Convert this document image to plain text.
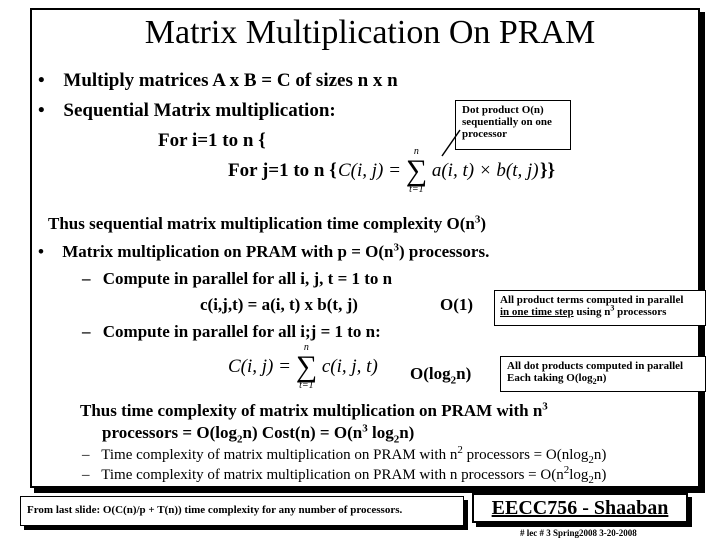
Matrix Multiplication On PRAM
• Multiply matrices A x B = C of sizes n x n
• Sequential Matrix multiplication:
For i=1 to n {
For j=1 to n {
Dot product O(n)
sequentially on one
processor
C(i, j) =
n
∑
t=1
a(i, t) × b(t, j) }}
Thus sequential matrix multiplication time complexity $O(n^3)$
• Matrix multiplication on PRAM with $p = O(n^3)$ processors.
– Compute in parallel for all i, j, t = 1 to n
c(i,j,t) = a(i, t) x b(t, j)	O(1) All product terms computed in parallel
in one time step using $n^3$ processors
– Compute in parallel for all i;j = 1 to n:
C(i, j) =
n
∑
t=1
c(i, j, t) $O(\log_2n)$	All dot products computed in parallel
Each taking $O(\log_2n)$
Thus time complexity of matrix multiplication on PRAM with $n^3$
processors = $O(\log_2n)$ Cost(n) = $O(n^3$ $\log_2n$)
– Time complexity of matrix multiplication on PRAM with $n^2$ processors = O(nlog$_2$n)
– Time complexity of matrix multiplication on PRAM with n processors = $O(n^2\log_2n)$
From last slide: O(C(n)/p + T(n)) time complexity for any number of processors.	EECC756 - Shaaban
# lec # 3 Spring2008 3-20-2008
